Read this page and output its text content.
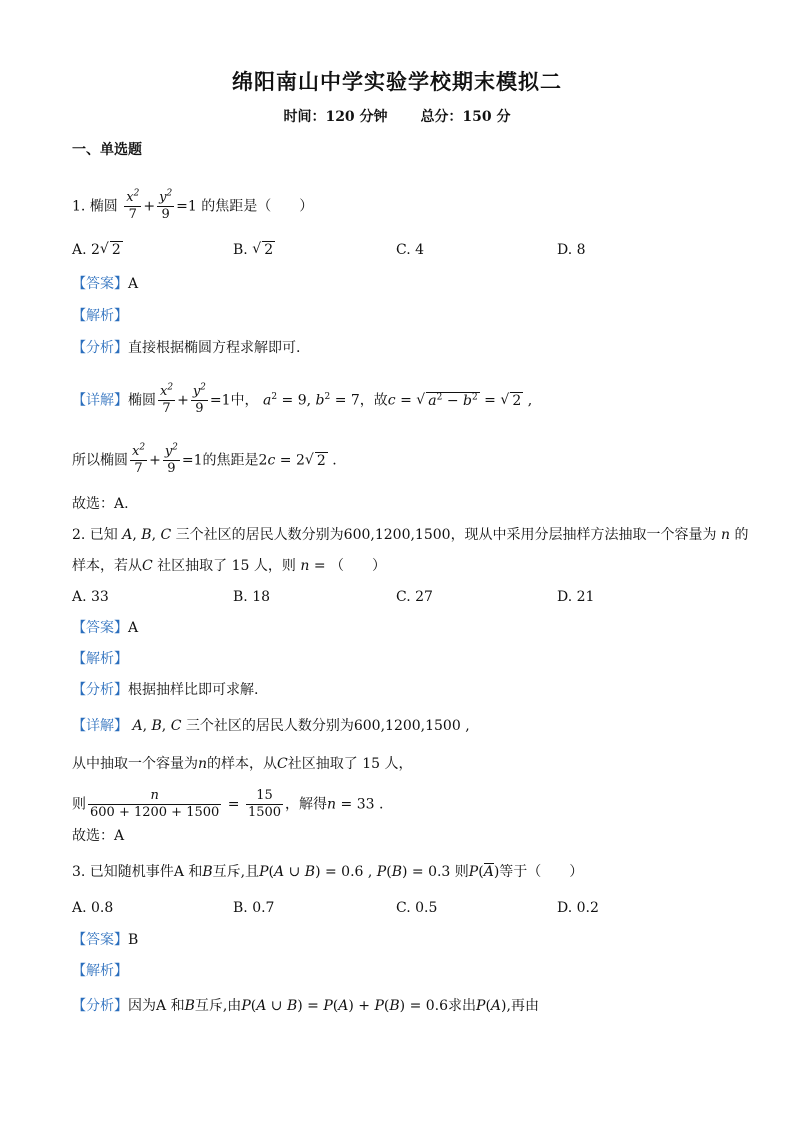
绵阳南山中学实验学校期末模拟二
时间：120 分钟 总分：150 分
一、单选题
1. 椭圆 $\frac{x^2}{7} + \frac{y^2}{9} =1$ 的焦距是（　　）
A. 2 √ 2	B. √ 2	C. 4	D. 8
【答案】A
【解析】
【分析】直接根据椭圆方程求解即可.
【详解】椭圆 $\frac{x^2}{7} + \frac{y^2}{9} =1$中， $a^2 = 9$, $b^2 = 7$，故c = √ $a^2 - b^2$ = √ 2 ,
所以椭圆 $\frac{x^2}{7} + \frac{y^2}{9} =1$的焦距是2c = 2 √ 2 .
故选：A.
2. 已知 A, B, C 三个社区的居民人数分别为600,1200,1500，现从中采用分层抽样方法抽取一个容量为 n 的
样本，若从C 社区抽取了 15 人，则 n = （　　）
A. 33	B. 18	C. 27	D. 21
【答案】A
【解析】
【分析】根据抽样比即可求解.
【详解】 A, B, C 三个社区的居民人数分别为600,1200,1500 ,
从中抽取一个容量为n的样本，从C社区抽取了 15 人，
则 $\frac{n}{600 + 1200 + 1500} = \frac{15}{1500}$ ，解得n = 33 .
故选：A
3. 已知随机事件A 和B互斥,且P(A ∪ B) = 0.6 , P(B) = 0.3 则P(A)等于（　　）
A. 0.8	B. 0.7	C. 0.5	D. 0.2
【答案】B
【解析】
【分析】因为A 和B互斥,由P(A ∪ B) = P(A) + P(B) = 0.6求出P(A),再由
